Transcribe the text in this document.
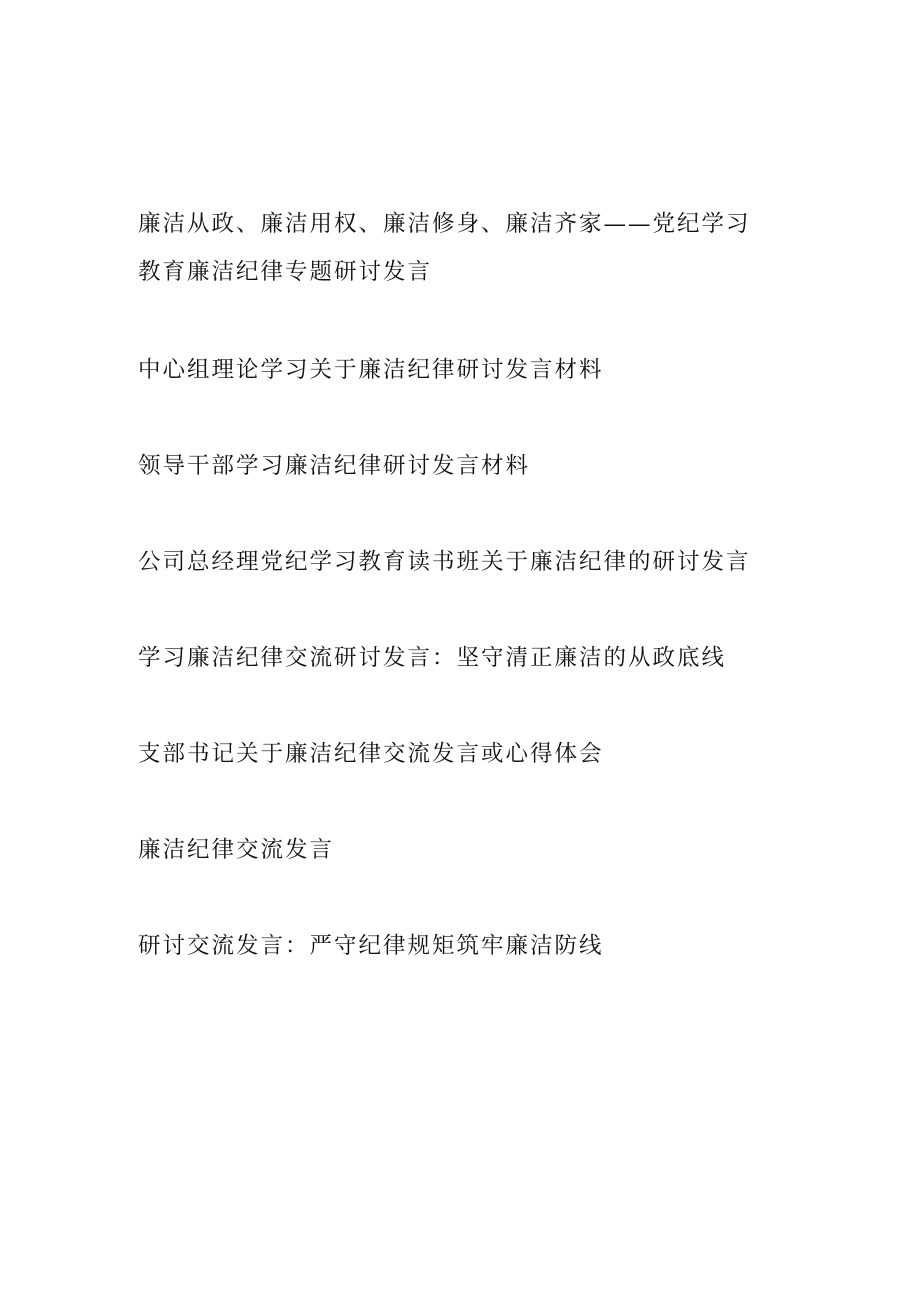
廉洁从政、廉洁用权、廉洁修身、廉洁齐家——党纪学习教育廉洁纪律专题研讨发言
中心组理论学习关于廉洁纪律研讨发言材料
领导干部学习廉洁纪律研讨发言材料
公司总经理党纪学习教育读书班关于廉洁纪律的研讨发言
学习廉洁纪律交流研讨发言：坚守清正廉洁的从政底线
支部书记关于廉洁纪律交流发言或心得体会
廉洁纪律交流发言
研讨交流发言：严守纪律规矩筑牢廉洁防线
